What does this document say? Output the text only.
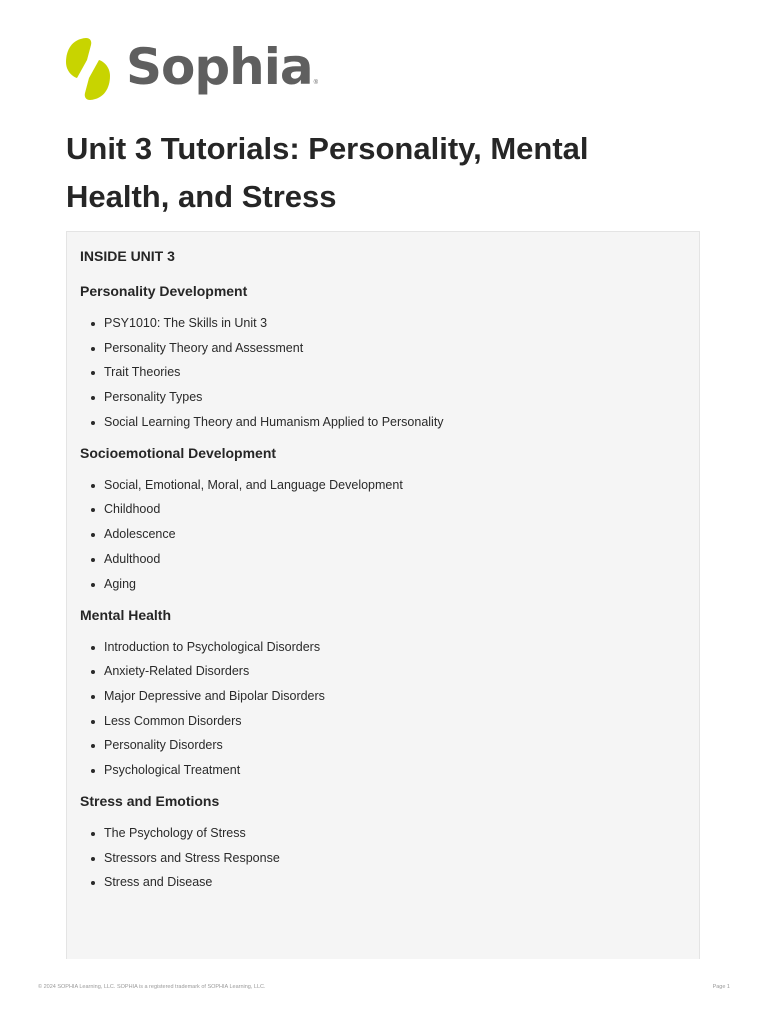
Sophia ®
Unit 3 Tutorials: Personality, Mental Health, and Stress
INSIDE UNIT 3
Personality Development
PSY1010: The Skills in Unit 3
Personality Theory and Assessment
Trait Theories
Personality Types
Social Learning Theory and Humanism Applied to Personality
Socioemotional Development
Social, Emotional, Moral, and Language Development
Childhood
Adolescence
Adulthood
Aging
Mental Health
Introduction to Psychological Disorders
Anxiety-Related Disorders
Major Depressive and Bipolar Disorders
Less Common Disorders
Personality Disorders
Psychological Treatment
Stress and Emotions
The Psychology of Stress
Stressors and Stress Response
Stress and Disease
© 2024 SOPHIA Learning, LLC. SOPHIA is a registered trademark of SOPHIA Learning, LLC.	Page 1
